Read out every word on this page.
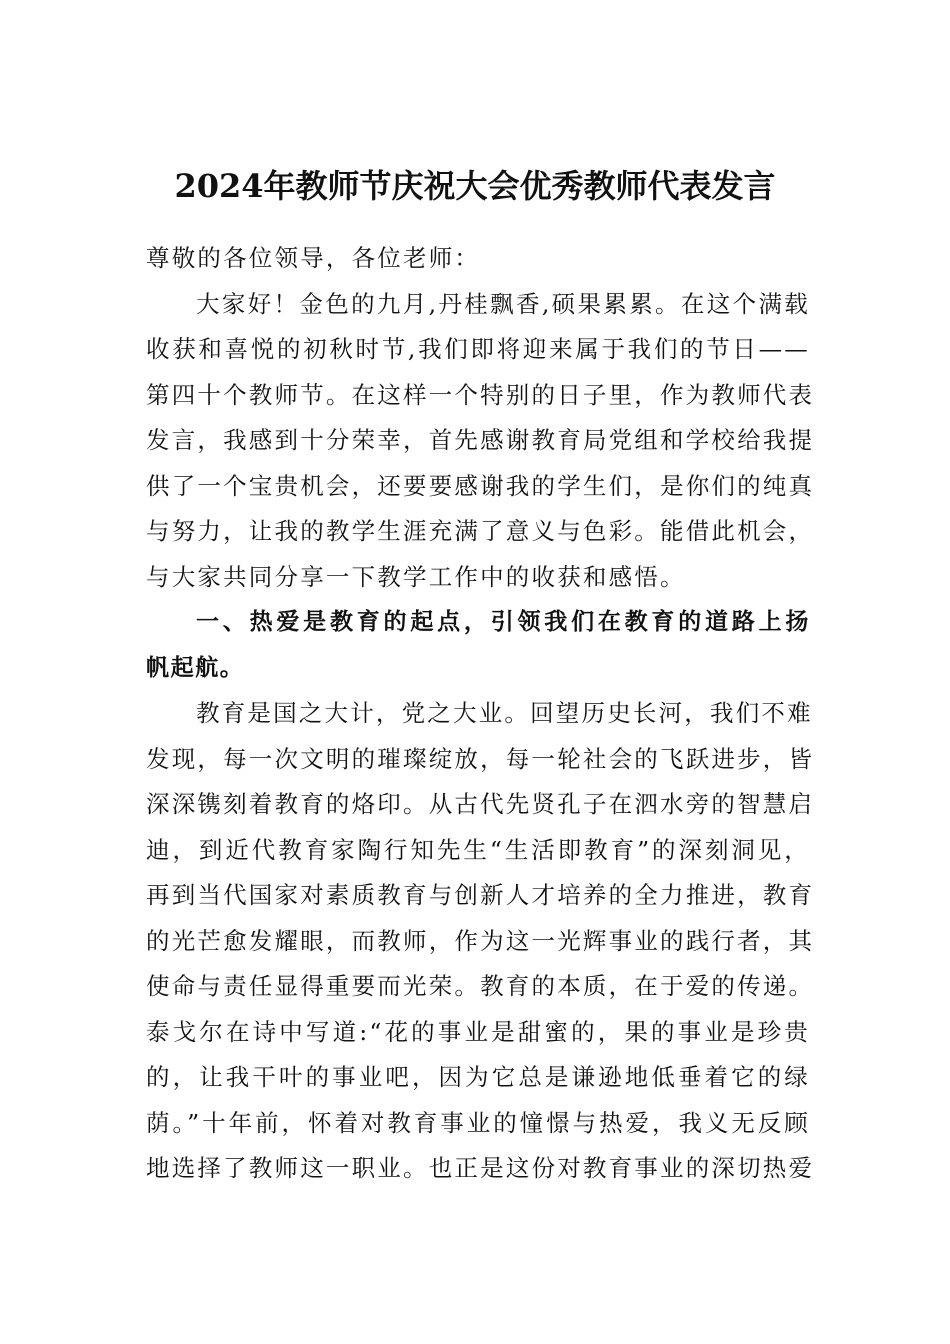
2024年教师节庆祝大会优秀教师代表发言
尊敬的各位领导，各位老师：
大家好！金色的九月,丹桂飘香,硕果累累。在这个满载
收获和喜悦的初秋时节,我们即将迎来属于我们的节日——
第四十个教师节。在这样一个特别的日子里，作为教师代表
发言，我感到十分荣幸，首先感谢教育局党组和学校给我提
供了一个宝贵机会，还要要感谢我的学生们，是你们的纯真
与努力，让我的教学生涯充满了意义与色彩。能借此机会，
与大家共同分享一下教学工作中的收获和感悟。
一、热爱是教育的起点，引领我们在教育的道路上扬
帆起航。
教育是国之大计，党之大业。回望历史长河，我们不难
发现，每一次文明的璀璨绽放，每一轮社会的飞跃进步，皆
深深镌刻着教育的烙印。从古代先贤孔子在泗水旁的智慧启
迪，到近代教育家陶行知先生“生活即教育”的深刻洞见，
再到当代国家对素质教育与创新人才培养的全力推进，教育
的光芒愈发耀眼，而教师，作为这一光辉事业的践行者，其
使命与责任显得重要而光荣。教育的本质，在于爱的传递。
泰戈尔在诗中写道:“花的事业是甜蜜的，果的事业是珍贵
的，让我干叶的事业吧，因为它总是谦逊地低垂着它的绿
荫。”十年前，怀着对教育事业的憧憬与热爱，我义无反顾
地选择了教师这一职业。也正是这份对教育事业的深切热爱
